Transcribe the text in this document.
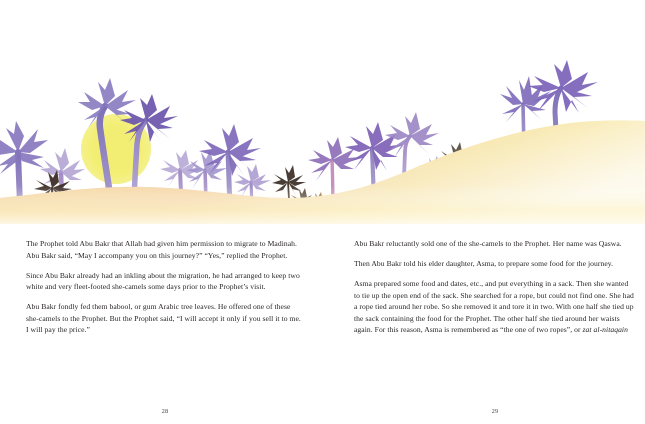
The Prophet told Abu Bakr that Allah had given him permission to migrate to Madinah. Abu Bakr said, “May I accompany you on this journey?” “Yes,” replied the Prophet.

Since Abu Bakr already had an inkling about the migration, he had arranged to keep two white and very fleet-footed she-camels some days prior to the Prophet’s visit.

Abu Bakr fondly fed them babool, or gum Arabic tree leaves. He offered one of these she-camels to the Prophet. But the Prophet said, “I will accept it only if you sell it to me. I will pay the price.”

28

Abu Bakr reluctantly sold one of the she-camels to the Prophet. Her name was Qaswa.

Then Abu Bakr told his elder daughter, Asma, to prepare some food for the journey.

Asma prepared some food and dates, etc., and put everything in a sack. Then she wanted to tie up the open end of the sack. She searched for a rope, but could not find one. She had a rope tied around her robe. So she removed it and tore it in two. With one half she tied up the sack containing the food for the Prophet. The other half she tied around her waists again. For this reason, Asma is remembered as “the one of two ropes”, or zat al-nitaqain

29
